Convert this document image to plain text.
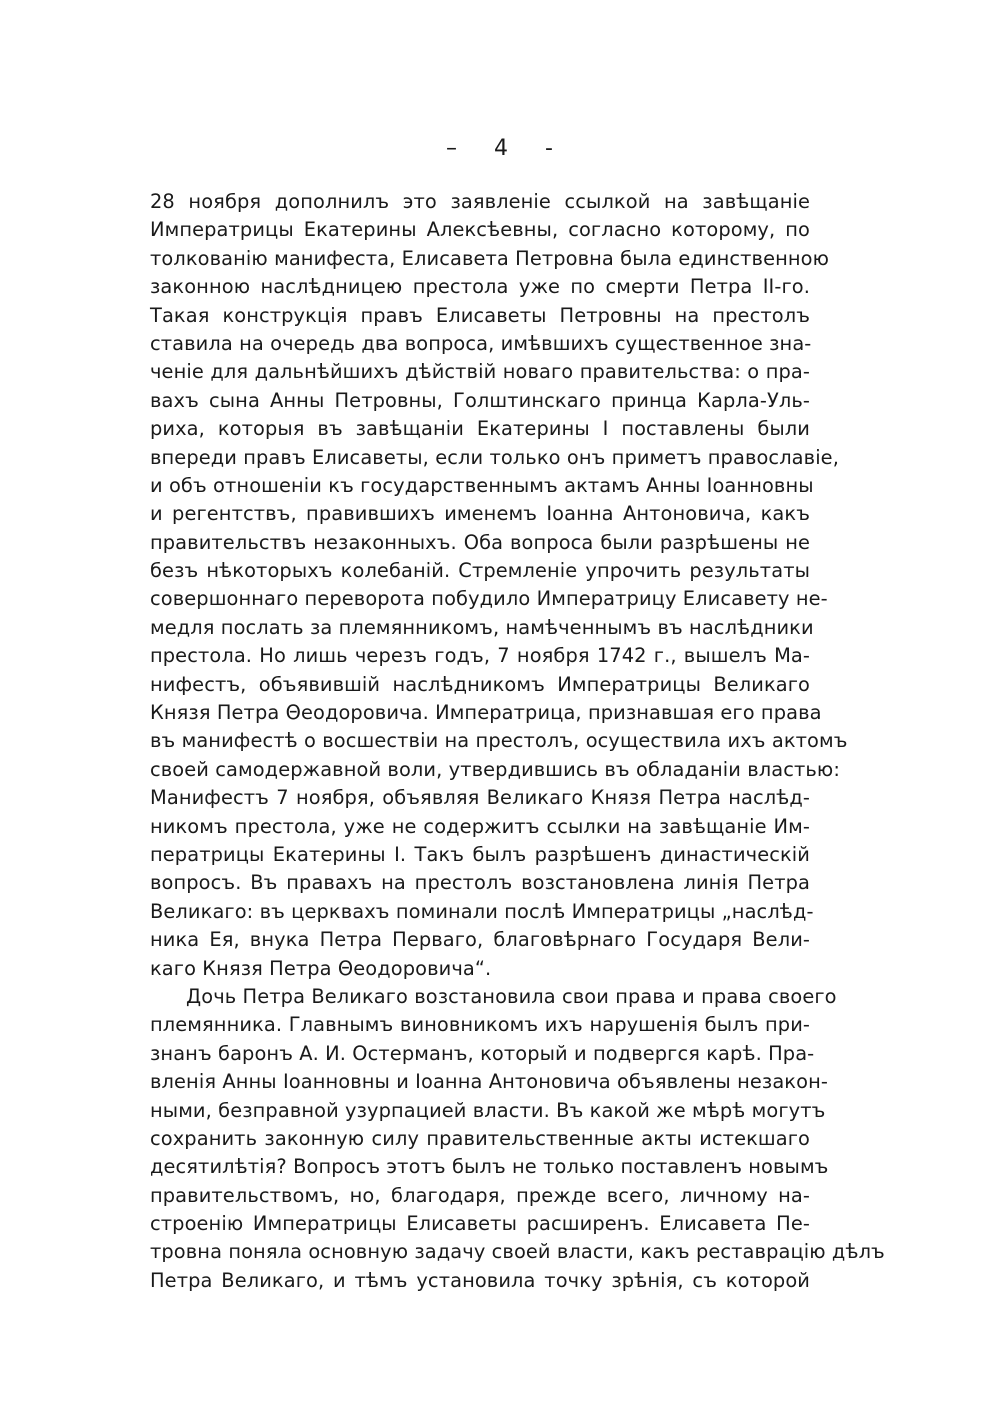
– 4 -
28 ноября дополнилъ это заявленіе ссылкой на завѣщаніе
Императрицы Екатерины Алексѣевны, согласно которому, по
толкованію манифеста, Елисавета Петровна была единственною
законною наслѣдницею престола уже по смерти Петра II-го.
Такая конструкція правъ Елисаветы Петровны на престолъ
ставила на очередь два вопроса, имѣвшихъ существенное зна-
ченіе для дальнѣйшихъ дѣйствій новаго правительства: о пра-
вахъ сына Анны Петровны, Голштинскаго принца Карла-Уль-
риха, которыя въ завѣщаніи Екатерины I поставлены были
впереди правъ Елисаветы, если только онъ приметъ православіе,
и объ отношеніи къ государственнымъ актамъ Анны Іоанновны
и регентствъ, правившихъ именемъ Іоанна Антоновича, какъ
правительствъ незаконныхъ. Оба вопроса были разрѣшены не
безъ нѣкоторыхъ колебаній. Стремленіе упрочить результаты
совершоннаго переворота побудило Императрицу Елисавету не-
медля послать за племянникомъ, намѣченнымъ въ наслѣдники
престола. Но лишь черезъ годъ, 7 ноября 1742 г., вышелъ Ма-
нифестъ, объявившій наслѣдникомъ Императрицы Великаго
Князя Петра Θеодоровича. Императрица, признавшая его права
въ манифестѣ о восшествіи на престолъ, осуществила ихъ актомъ
своей самодержавной воли, утвердившись въ обладаніи властью:
Манифестъ 7 ноября, объявляя Великаго Князя Петра наслѣд-
никомъ престола, уже не содержитъ ссылки на завѣщаніе Им-
ператрицы Екатерины I. Такъ былъ разрѣшенъ династическій
вопросъ. Въ правахъ на престолъ возстановлена линія Петра
Великаго: въ церквахъ поминали послѣ Императрицы „наслѣд-
ника Ея, внука Петра Перваго, благовѣрнаго Государя Вели-
каго Князя Петра Θеодоровича“.
Дочь Петра Великаго возстановила свои права и права своего
племянника. Главнымъ виновникомъ ихъ нарушенія былъ при-
знанъ баронъ А. И. Остерманъ, который и подвергся карѣ. Пра-
вленія Анны Іоанновны и Іоанна Антоновича объявлены незакон-
ными, безправной узурпацией власти. Въ какой же мѣрѣ могутъ
сохранить законную силу правительственные акты истекшаго
десятилѣтія? Вопросъ этотъ былъ не только поставленъ новымъ
правительствомъ, но, благодаря, прежде всего, личному на-
строенію Императрицы Елисаветы расширенъ. Елисавета Пе-
тровна поняла основную задачу своей власти, какъ реставрацію дѣлъ
Петра Великаго, и тѣмъ установила точку зрѣнія, съ которой
